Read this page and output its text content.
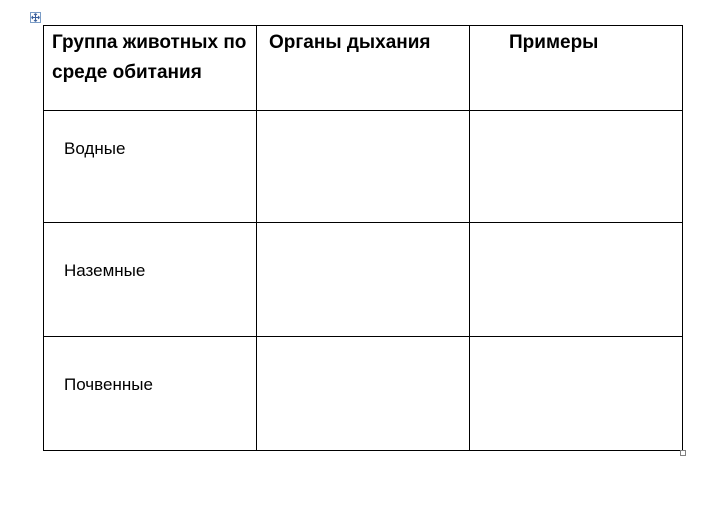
Группа животных по среде обитания	Органы дыхания	Примеры

Водные		

Наземные		

Почвенные		
